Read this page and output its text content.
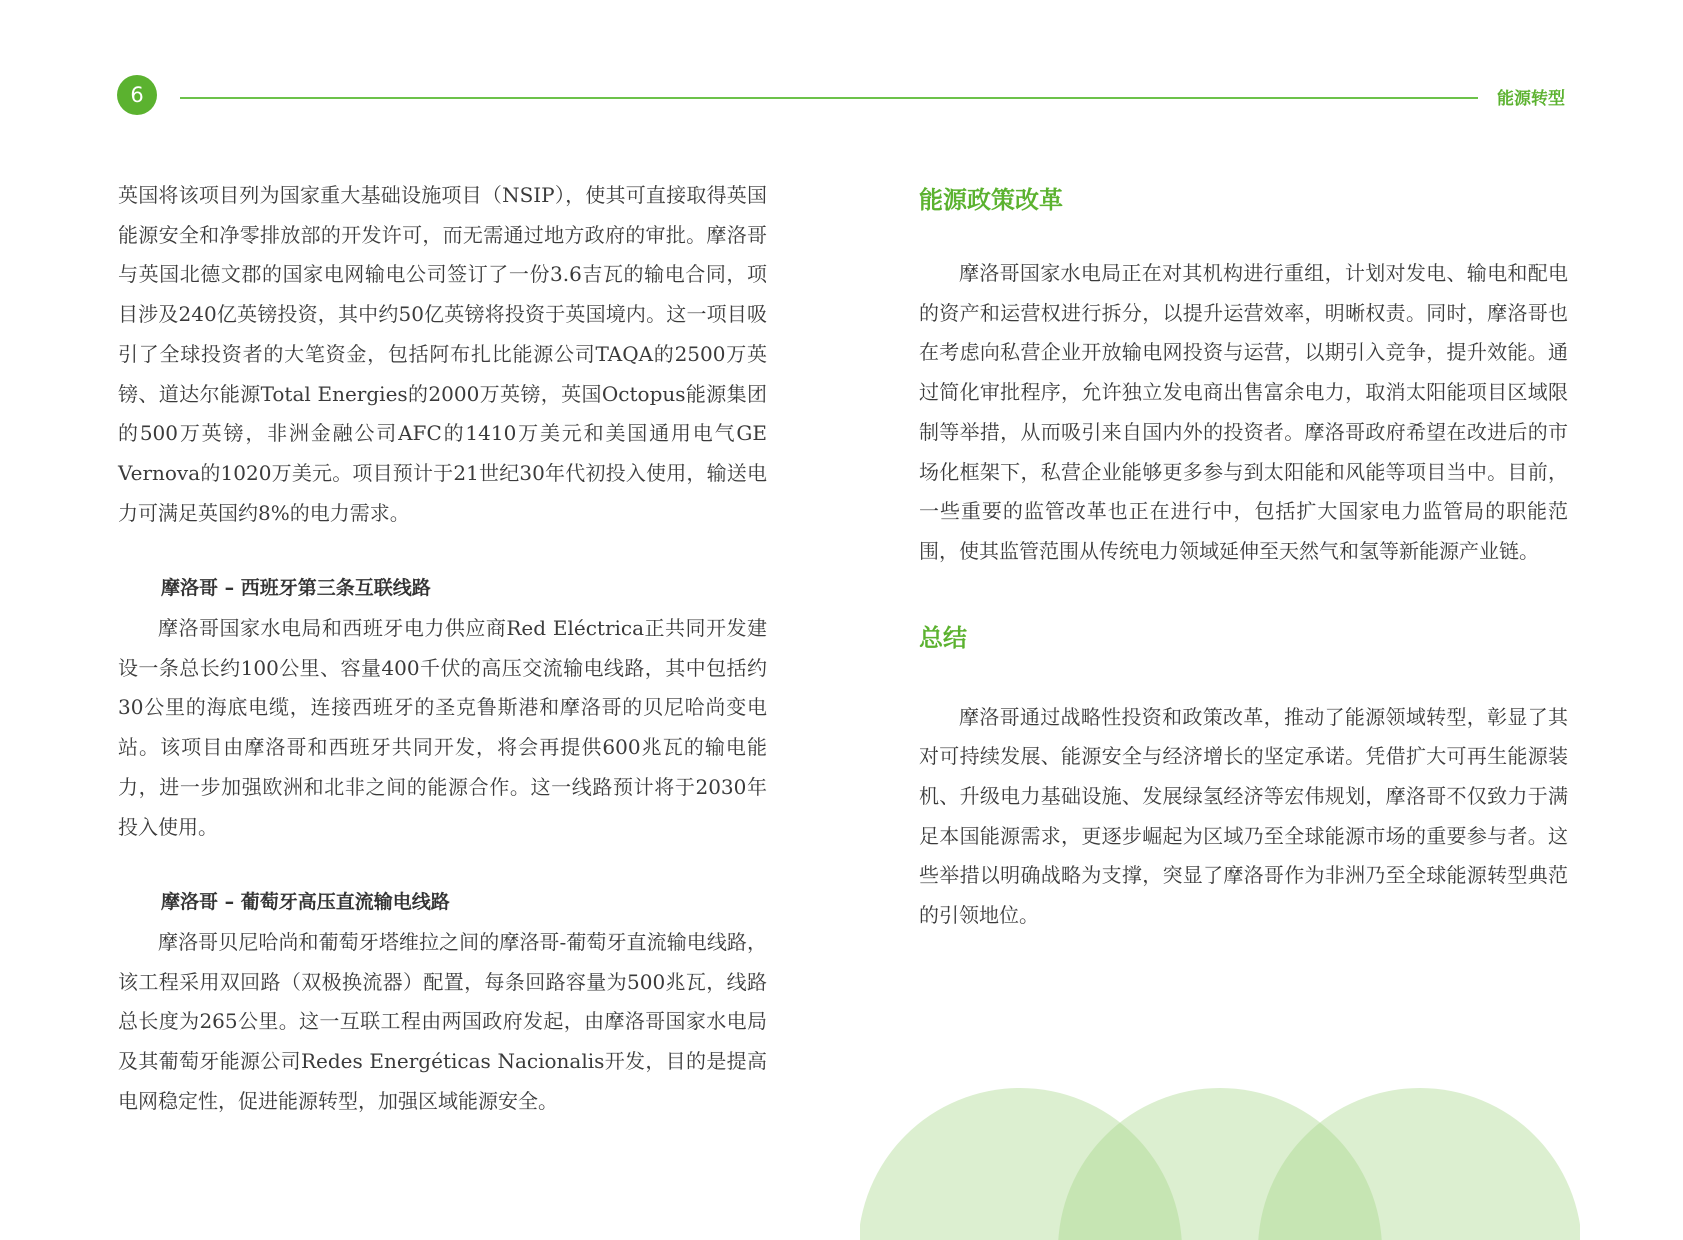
6	能源转型

英国将该项目列为国家重大基础设施项目（NSIP），使其可直接取得英国能源安全和净零排放部的开发许可，而无需通过地方政府的审批。摩洛哥与英国北德文郡的国家电网输电公司签订了一份3.6吉瓦的输电合同，项目涉及240亿英镑投资，其中约50亿英镑将投资于英国境内。这一项目吸引了全球投资者的大笔资金，包括阿布扎比能源公司TAQA的2500万英镑、道达尔能源Total Energies的2000万英镑，英国Octopus能源集团的500万英镑，非洲金融公司AFC的1410万美元和美国通用电气GE Vernova的1020万美元。项目预计于21世纪30年代初投入使用，输送电力可满足英国约8%的电力需求。

摩洛哥 – 西班牙第三条互联线路

摩洛哥国家水电局和西班牙电力供应商Red Eléctrica正共同开发建设一条总长约100公里、容量400千伏的高压交流输电线路，其中包括约30公里的海底电缆，连接西班牙的圣克鲁斯港和摩洛哥的贝尼哈尚变电站。该项目由摩洛哥和西班牙共同开发，将会再提供600兆瓦的输电能力，进一步加强欧洲和北非之间的能源合作。这一线路预计将于2030年投入使用。

摩洛哥 – 葡萄牙高压直流输电线路

摩洛哥贝尼哈尚和葡萄牙塔维拉之间的摩洛哥-葡萄牙直流输电线路，该工程采用双回路（双极换流器）配置，每条回路容量为500兆瓦，线路总长度为265公里。这一互联工程由两国政府发起，由摩洛哥国家水电局及其葡萄牙能源公司Redes Energéticas Nacionalis开发，目的是提高电网稳定性，促进能源转型，加强区域能源安全。

能源政策改革

摩洛哥国家水电局正在对其机构进行重组，计划对发电、输电和配电的资产和运营权进行拆分，以提升运营效率，明晰权责。同时，摩洛哥也在考虑向私营企业开放输电网投资与运营，以期引入竞争，提升效能。通过简化审批程序，允许独立发电商出售富余电力，取消太阳能项目区域限制等举措，从而吸引来自国内外的投资者。摩洛哥政府希望在改进后的市场化框架下，私营企业能够更多参与到太阳能和风能等项目当中。目前，一些重要的监管改革也正在进行中，包括扩大国家电力监管局的职能范围，使其监管范围从传统电力领域延伸至天然气和氢等新能源产业链。

总结

摩洛哥通过战略性投资和政策改革，推动了能源领域转型，彰显了其对可持续发展、能源安全与经济增长的坚定承诺。凭借扩大可再生能源装机、升级电力基础设施、发展绿氢经济等宏伟规划，摩洛哥不仅致力于满足本国能源需求，更逐步崛起为区域乃至全球能源市场的重要参与者。这些举措以明确战略为支撑，突显了摩洛哥作为非洲乃至全球能源转型典范的引领地位。
